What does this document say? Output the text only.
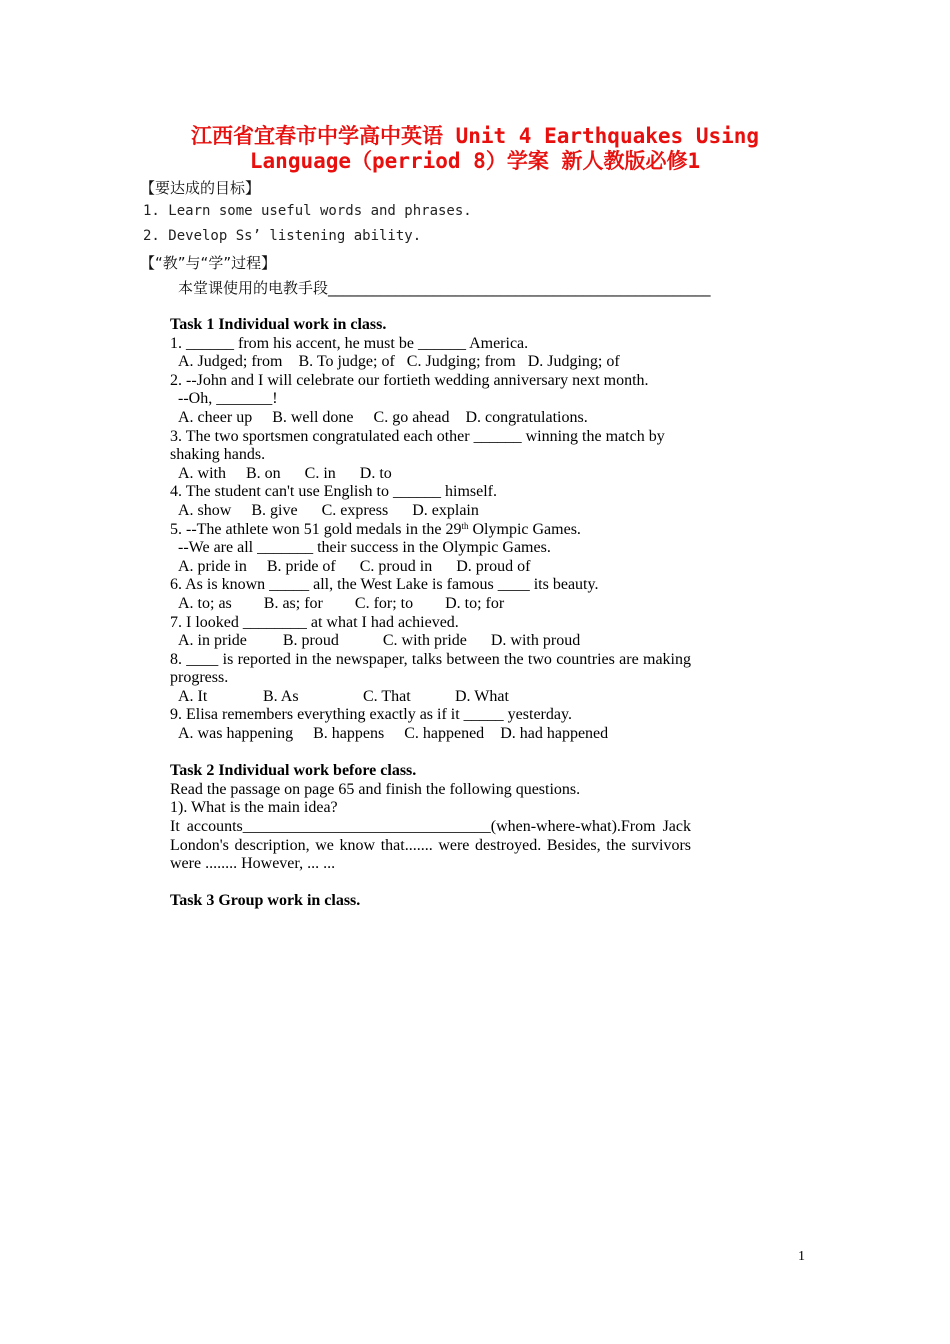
江西省宜春市中学高中英语 Unit 4 Earthquakes Using
Language（perriod 8）学案 新人教版必修1
【要达成的目标】
1. Learn some useful words and phrases.
2. Develop Ss’ listening ability.
【“教”与“学”过程】
本堂课使用的电教手段___________________________________________________
Task 1 Individual work in class.
1. ______ from his accent, he must be ______ America.
A. Judged; from B. To judge; of C. Judging; from D. Judging; of
2. --John and I will celebrate our fortieth wedding anniversary next month.
--Oh, _______!
A. cheer up B. well done C. go ahead D. congratulations.
3. The two sportsmen congratulated each other ______ winning the match by shaking hands.
A. with B. on C. in D. to
4. The student can't use English to ______ himself.
A. show B. give C. express D. explain
5. --The athlete won 51 gold medals in the 29th Olympic Games.
--We are all _______ their success in the Olympic Games.
A. pride in B. pride of C. proud in D. proud of
6. As is known _____ all, the West Lake is famous ____ its beauty.
A. to; as B. as; for C. for; to D. to; for
7. I looked ________ at what I had achieved.
A. in pride B. proud	C. with pride D. with proud
8. ____ is reported in the newspaper, talks between the two countries are making progress.
A. It	B. As	C. That	D. What
9. Elisa remembers everything exactly as if it _____ yesterday.
A. was happening B. happens C. happened D. had happened
Task 2 Individual work before class.
Read the passage on page 65 and finish the following questions.
1). What is the main idea?
It accounts_______________________________(when-where-what).From Jack London's description, we know that....... were destroyed. Besides, the survivors were ........ However, ... ...
Task 3 Group work in class.
1
